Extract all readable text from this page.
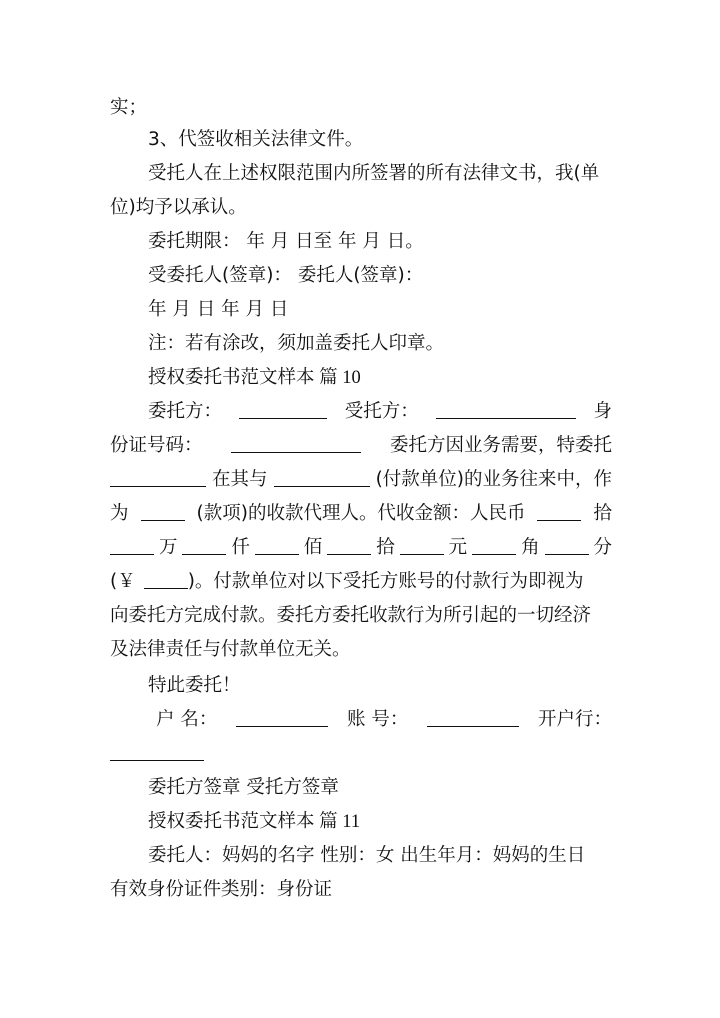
实；
3、代签收相关法律文件。
受托人在上述权限范围内所签署的所有法律文书，我(单
位)均予以承认。
委托期限： 年 月 日至 年 月 日。
受委托人(签章)： 委托人(签章)：
年 月 日 年 月 日
注：若有涂改，须加盖委托人印章。
授权委托书范文样本 篇 10
委托方：	受托方：	身
份证号码：	委托方因业务需要，特委托
在其与	(付款单位)的业务往来中，作
为	(款项)的收款代理人。代收金额：人民币	拾
万	仟	佰	拾	元	角	分
(￥	)。付款单位对以下受托方账号的付款行为即视为
向委托方完成付款。委托方委托收款行为所引起的一切经济
及法律责任与付款单位无关。
特此委托！
户 名：	账 号：	开户行：
委托方签章 受托方签章
授权委托书范文样本 篇 11
委托人：妈妈的名字 性别：女 出生年月：妈妈的生日
有效身份证件类别：身份证
